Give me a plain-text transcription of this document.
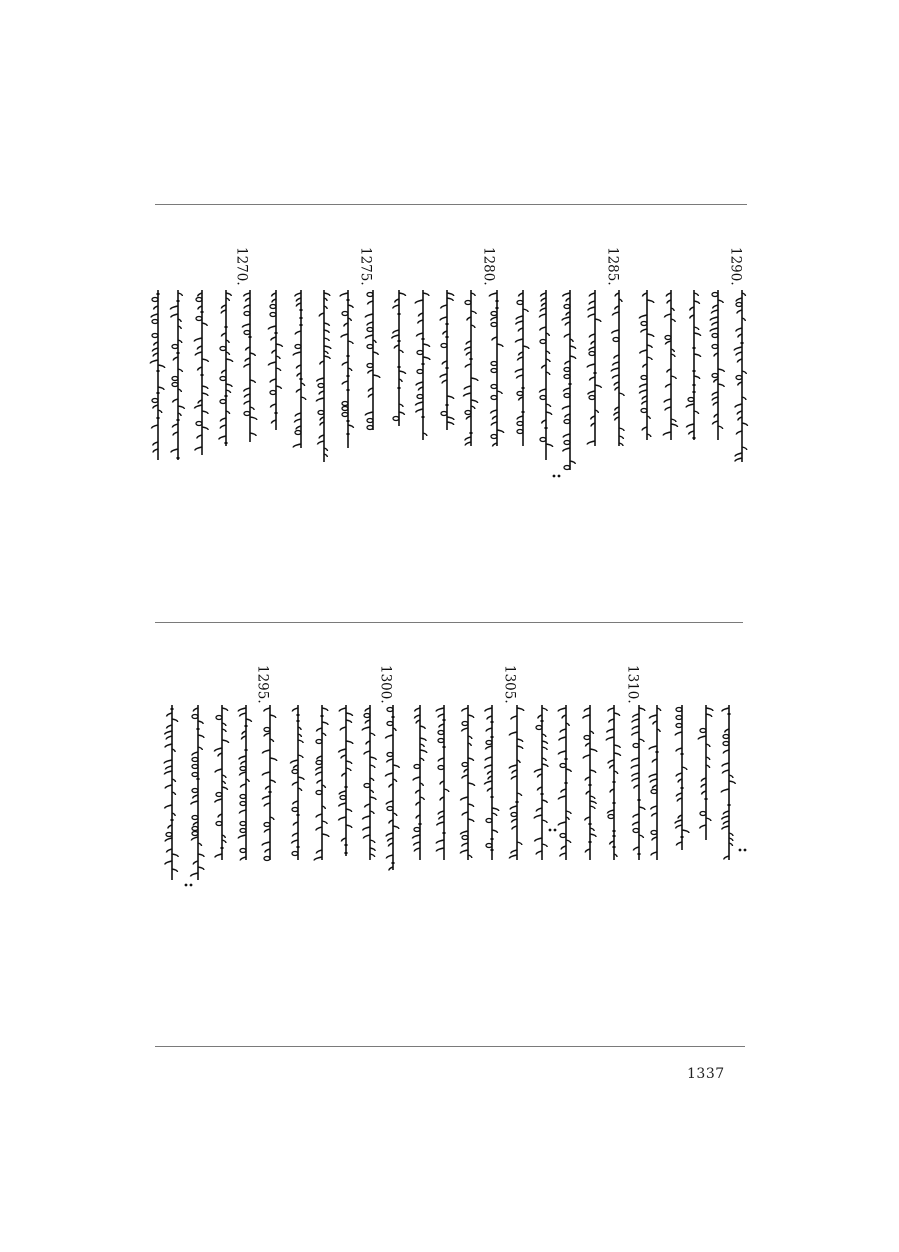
1290.
1285.
1280.
1275.
1270.
1310.
1305.
1300.
1295.
1337
